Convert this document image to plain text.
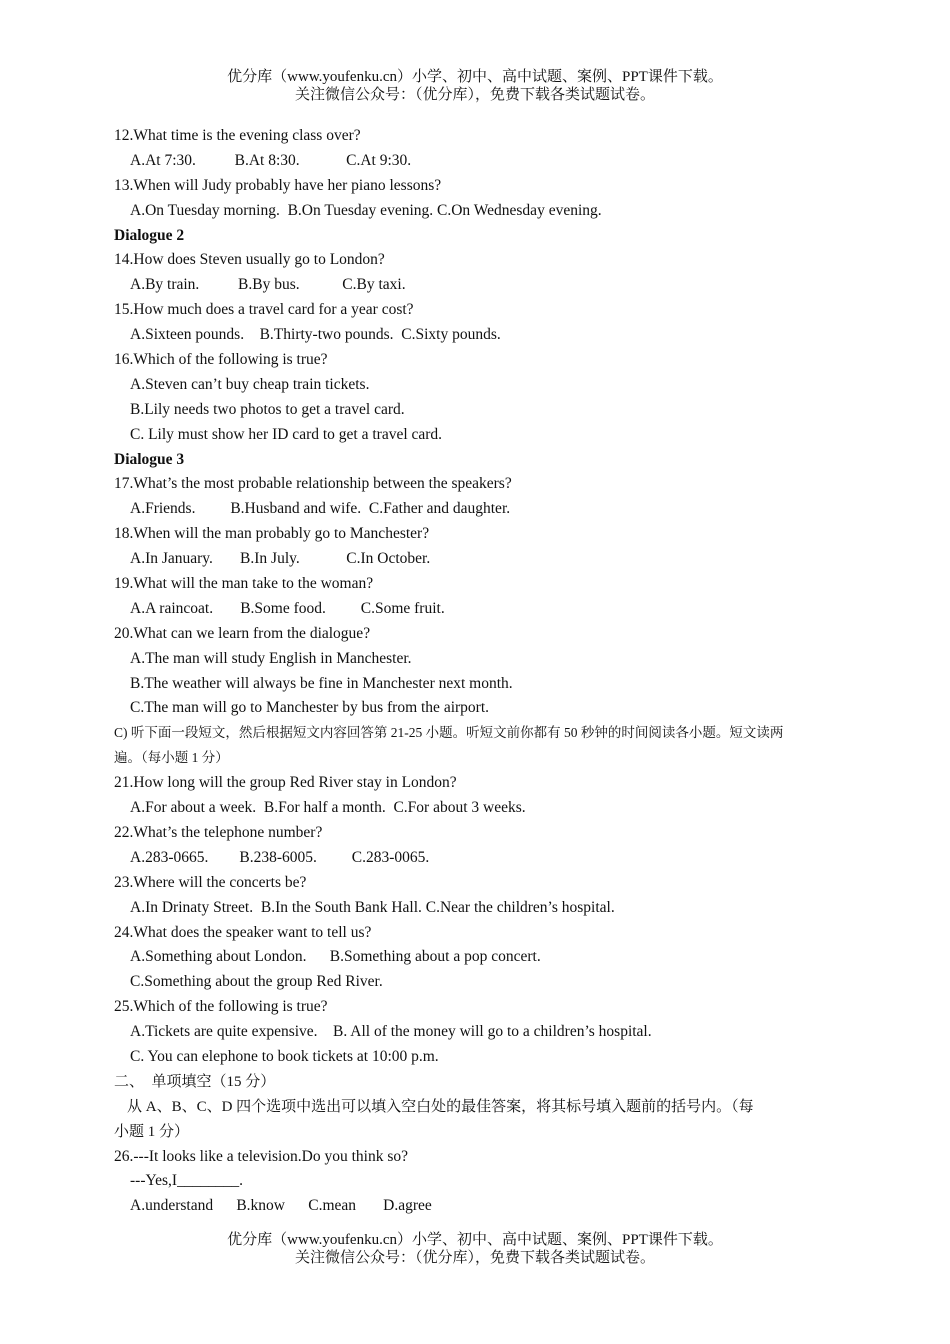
优分库（www.youfenku.cn）小学、初中、高中试题、案例、PPT课件下载。
关注微信公众号：（优分库），免费下载各类试题试卷。
12.What time is the evening class over?
A.At 7:30.          B.At 8:30.            C.At 9:30.
13.When will Judy probably have her piano lessons?
A.On Tuesday morning.  B.On Tuesday evening. C.On Wednesday evening.
Dialogue 2
14.How does Steven usually go to London?
A.By train.          B.By bus.           C.By taxi.
15.How much does a travel card for a year cost?
A.Sixteen pounds.    B.Thirty-two pounds.  C.Sixty pounds.
16.Which of the following is true?
A.Steven can’t buy cheap train tickets.
B.Lily needs two photos to get a travel card.
C. Lily must show her ID card to get a travel card.
Dialogue 3
17.What’s the most probable relationship between the speakers?
A.Friends.         B.Husband and wife.  C.Father and daughter.
18.When will the man probably go to Manchester?
A.In January.       B.In July.            C.In October.
19.What will the man take to the woman?
A.A raincoat.       B.Some food.         C.Some fruit.
20.What can we learn from the dialogue?
A.The man will study English in Manchester.
B.The weather will always be fine in Manchester next month.
C.The man will go to Manchester by bus from the airport.
C) 听下面一段短文，然后根据短文内容回答第 21-25 小题。听短文前你都有 50 秒钟的时间阅读各小题。短文读两
遍。（每小题 1 分）
21.How long will the group Red River stay in London?
A.For about a week.  B.For half a month.  C.For about 3 weeks.
22.What’s the telephone number?
A.283-0665.        B.238-6005.         C.283-0065.
23.Where will the concerts be?
A.In Drinaty Street.  B.In the South Bank Hall. C.Near the children’s hospital.
24.What does the speaker want to tell us?
A.Something about London.      B.Something about a pop concert.
C.Something about the group Red River.
25.Which of the following is true?
A.Tickets are quite expensive.    B. All of the money will go to a children’s hospital.
C. You can elephone to book tickets at 10:00 p.m.
二、  单项填空（15 分）
从 A、B、C、D 四个选项中选出可以填入空白处的最佳答案，将其标号填入题前的括号内。（每
小题 1 分）
26.---It looks like a television.Do you think so?
---Yes,I________.
A.understand      B.know      C.mean       D.agree
优分库（www.youfenku.cn）小学、初中、高中试题、案例、PPT课件下载。
关注微信公众号：（优分库），免费下载各类试题试卷。
